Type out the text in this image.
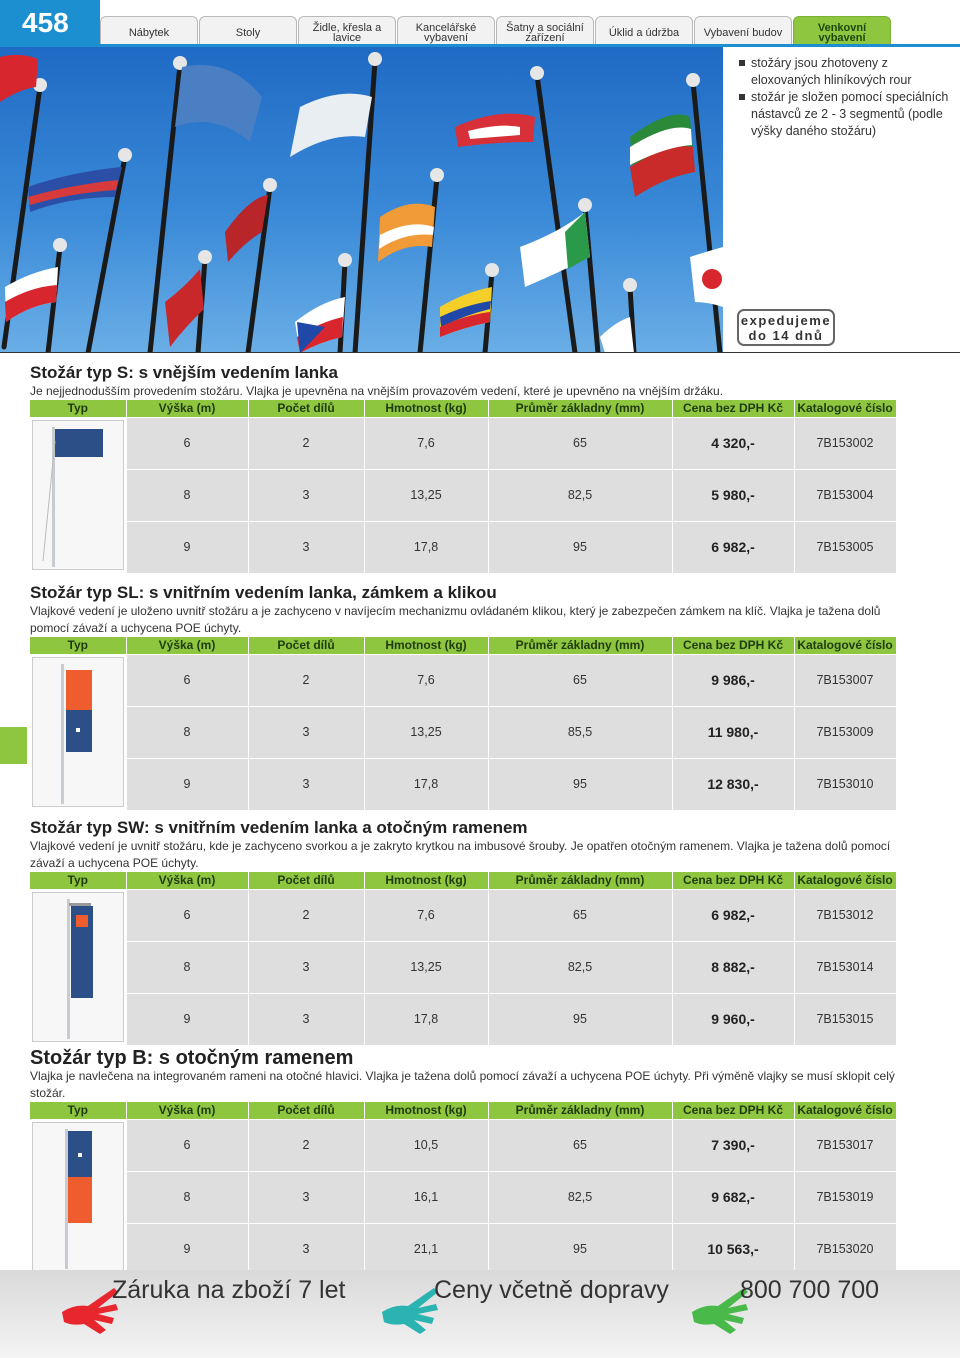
458	Nábytek	Stoly	Židle, křesla a lavice
Kancelářské vybavení
Šatny a sociální zařízení	Úklid a údržba	Vybavení budov	Venkovní vybavení
stožáry jsou zhotoveny z eloxovaných hliníkových rour
stožár je složen pomocí speciálních nástavců ze 2 - 3 segmentů (podle výšky daného stožáru)
expedujeme
do 14 dnů
Stožár typ S: s vnějším vedením lanka
Je nejjednodušším provedením stožáru. Vlajka je upevněna na vnějším provazovém vedení, které je upevněno na vnějším držáku.
Typ	Výška (m)	Počet dílů	Hmotnost (kg)	Průměr základny (mm)	Cena bez DPH Kč	Katalogové číslo

	6	2	7,6	65	4 320,-	7B153002
	8	3	13,25	82,5	5 980,-	7B153004
	9	3	17,8	95	6 982,-	7B153005
Stožár typ SL: s vnitřním vedením lanka, zámkem a klikou
Vlajkové vedení je uloženo uvnitř stožáru a je zachyceno v navíjecím mechanizmu ovládaném klikou, který je zabezpečen zámkem na klíč. Vlajka je tažena dolů pomocí závaží a uchycena POE úchyty.
Typ	Výška (m)	Počet dílů	Hmotnost (kg)	Průměr základny (mm)	Cena bez DPH Kč	Katalogové číslo

	6	2	7,6	65	9 986,-	7B153007
	8	3	13,25	85,5	11 980,-	7B153009
	9	3	17,8	95	12 830,-	7B153010
Stožár typ SW: s vnitřním vedením lanka a otočným ramenem
Vlajkové vedení je uvnitř stožáru, kde je zachyceno svorkou a je zakryto krytkou na imbusové šrouby. Je opatřen otočným ramenem. Vlajka je tažena dolů pomocí závaží a uchycena POE úchyty.
Typ	Výška (m)	Počet dílů	Hmotnost (kg)	Průměr základny (mm)	Cena bez DPH Kč	Katalogové číslo

	6	2	7,6	65	6 982,-	7B153012
	8	3	13,25	82,5	8 882,-	7B153014
	9	3	17,8	95	9 960,-	7B153015
Stožár typ B: s otočným ramenem
Vlajka je navlečena na integrovaném rameni na otočné hlavici. Vlajka je tažena dolů pomocí závaží a uchycena POE úchyty. Při výměně vlajky se musí sklopit celý stožár.
Typ	Výška (m)	Počet dílů	Hmotnost (kg)	Průměr základny (mm)	Cena bez DPH Kč	Katalogové číslo

	6	2	10,5	65	7 390,-	7B153017
	8	3	16,1	82,5	9 682,-	7B153019
	9	3	21,1	95	10 563,-	7B153020
Záruka na zboží 7 let	Ceny včetně dopravy	800 700 700
